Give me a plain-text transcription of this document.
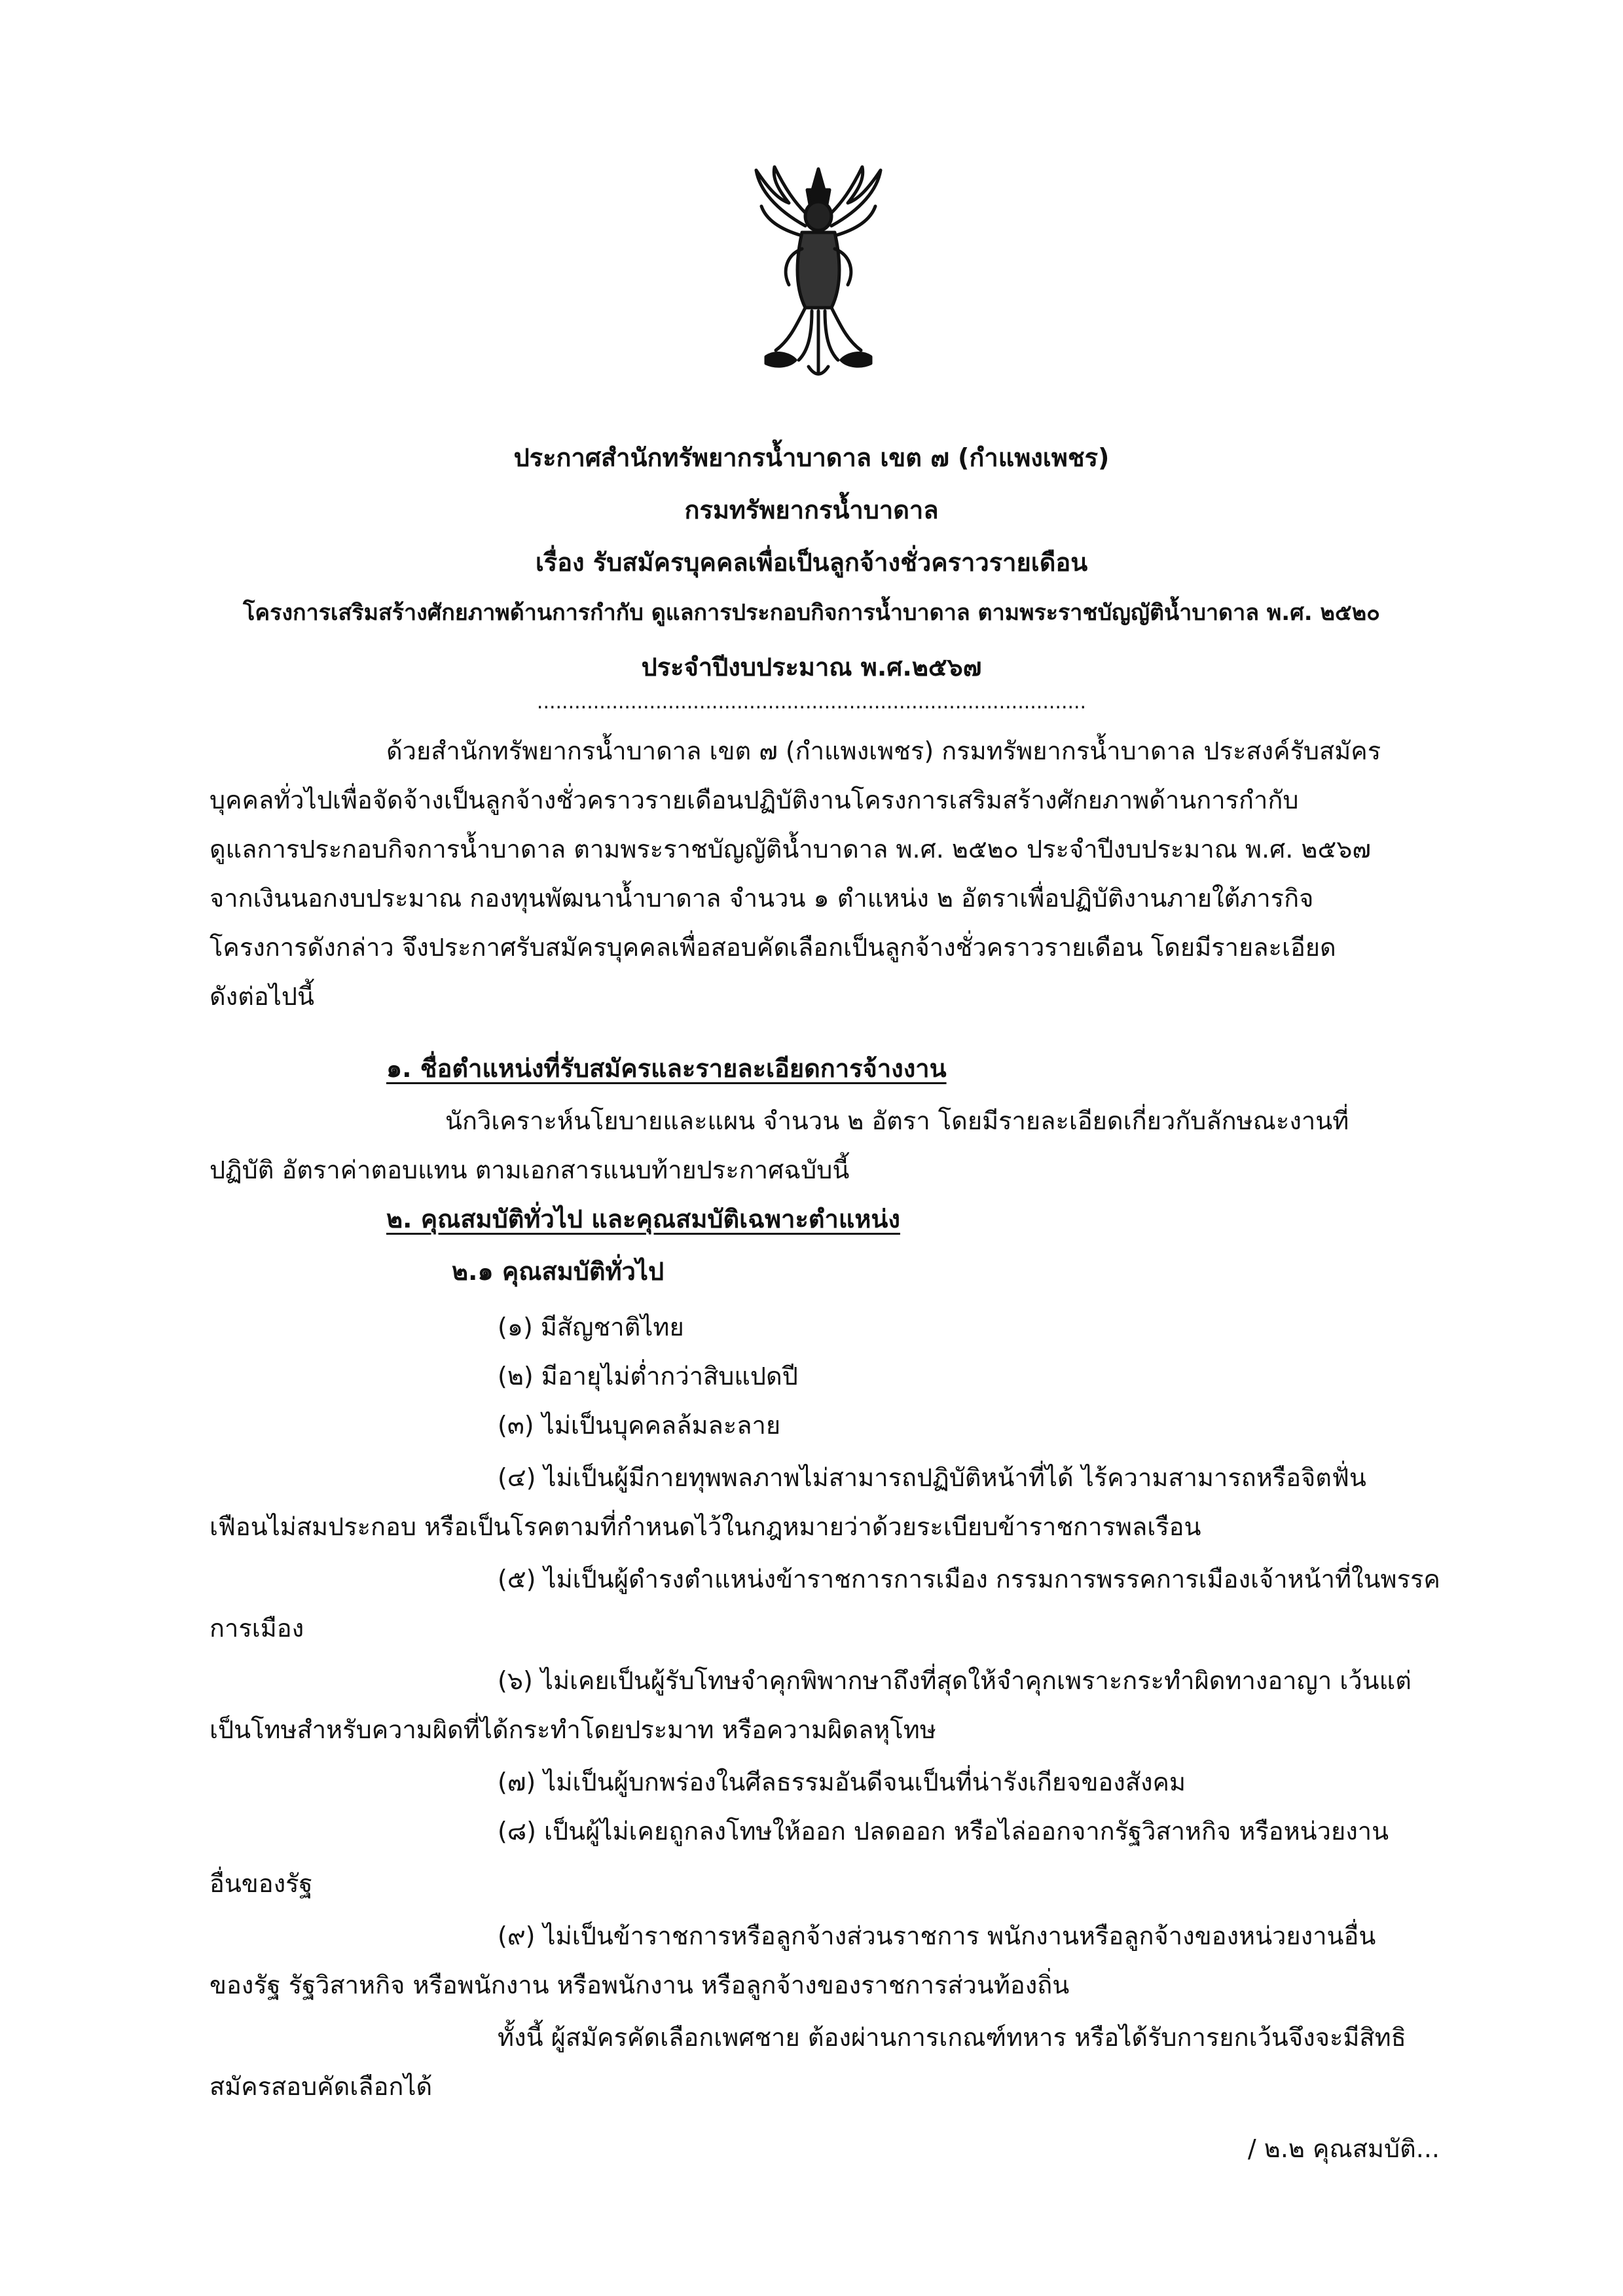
ประกาศสำนักทรัพยากรน้ำบาดาล เขต ๗ (กำแพงเพชร)
กรมทรัพยากรน้ำบาดาล
เรื่อง รับสมัครบุคคลเพื่อเป็นลูกจ้างชั่วคราวรายเดือน
โครงการเสริมสร้างศักยภาพด้านการกำกับ ดูแลการประกอบกิจการน้ำบาดาล ตามพระราชบัญญัติน้ำบาดาล พ.ศ. ๒๕๒๐
ประจำปีงบประมาณ พ.ศ.๒๕๖๗
........................................................................................
ด้วยสำนักทรัพยากรน้ำบาดาล เขต ๗ (กำแพงเพชร) กรมทรัพยากรน้ำบาดาล ประสงค์รับสมัคร
บุคคลทั่วไปเพื่อจัดจ้างเป็นลูกจ้างชั่วคราวรายเดือนปฏิบัติงานโครงการเสริมสร้างศักยภาพด้านการกำกับ
ดูแลการประกอบกิจการน้ำบาดาล ตามพระราชบัญญัติน้ำบาดาล พ.ศ. ๒๕๒๐ ประจำปีงบประมาณ พ.ศ. ๒๕๖๗
จากเงินนอกงบประมาณ กองทุนพัฒนาน้ำบาดาล จำนวน ๑ ตำแหน่ง ๒ อัตราเพื่อปฏิบัติงานภายใต้ภารกิจ
โครงการดังกล่าว จึงประกาศรับสมัครบุคคลเพื่อสอบคัดเลือกเป็นลูกจ้างชั่วคราวรายเดือน โดยมีรายละเอียด
ดังต่อไปนี้
๑. ชื่อตำแหน่งที่รับสมัครและรายละเอียดการจ้างงาน
นักวิเคราะห์นโยบายและแผน จำนวน ๒ อัตรา โดยมีรายละเอียดเกี่ยวกับลักษณะงานที่
ปฏิบัติ อัตราค่าตอบแทน ตามเอกสารแนบท้ายประกาศฉบับนี้
๒. คุณสมบัติทั่วไป และคุณสมบัติเฉพาะตำแหน่ง
๒.๑ คุณสมบัติทั่วไป
(๑) มีสัญชาติไทย
(๒) มีอายุไม่ต่ำกว่าสิบแปดปี
(๓) ไม่เป็นบุคคลล้มละลาย
(๔) ไม่เป็นผู้มีกายทุพพลภาพไม่สามารถปฏิบัติหน้าที่ได้ ไร้ความสามารถหรือจิตฟั่น
เฟือนไม่สมประกอบ หรือเป็นโรคตามที่กำหนดไว้ในกฎหมายว่าด้วยระเบียบข้าราชการพลเรือน
(๕) ไม่เป็นผู้ดำรงตำแหน่งข้าราชการการเมือง กรรมการพรรคการเมืองเจ้าหน้าที่ในพรรค
การเมือง
(๖) ไม่เคยเป็นผู้รับโทษจำคุกพิพากษาถึงที่สุดให้จำคุกเพราะกระทำผิดทางอาญา เว้นแต่
เป็นโทษสำหรับความผิดที่ได้กระทำโดยประมาท หรือความผิดลหุโทษ
(๗) ไม่เป็นผู้บกพร่องในศีลธรรมอันดีจนเป็นที่น่ารังเกียจของสังคม
(๘) เป็นผู้ไม่เคยถูกลงโทษให้ออก ปลดออก หรือไล่ออกจากรัฐวิสาหกิจ หรือหน่วยงาน
อื่นของรัฐ
(๙) ไม่เป็นข้าราชการหรือลูกจ้างส่วนราชการ พนักงานหรือลูกจ้างของหน่วยงานอื่น
ของรัฐ รัฐวิสาหกิจ หรือพนักงาน หรือพนักงาน หรือลูกจ้างของราชการส่วนท้องถิ่น
ทั้งนี้ ผู้สมัครคัดเลือกเพศชาย ต้องผ่านการเกณฑ์ทหาร หรือได้รับการยกเว้นจึงจะมีสิทธิ
สมัครสอบคัดเลือกได้
/ ๒.๒ คุณสมบัติ...
